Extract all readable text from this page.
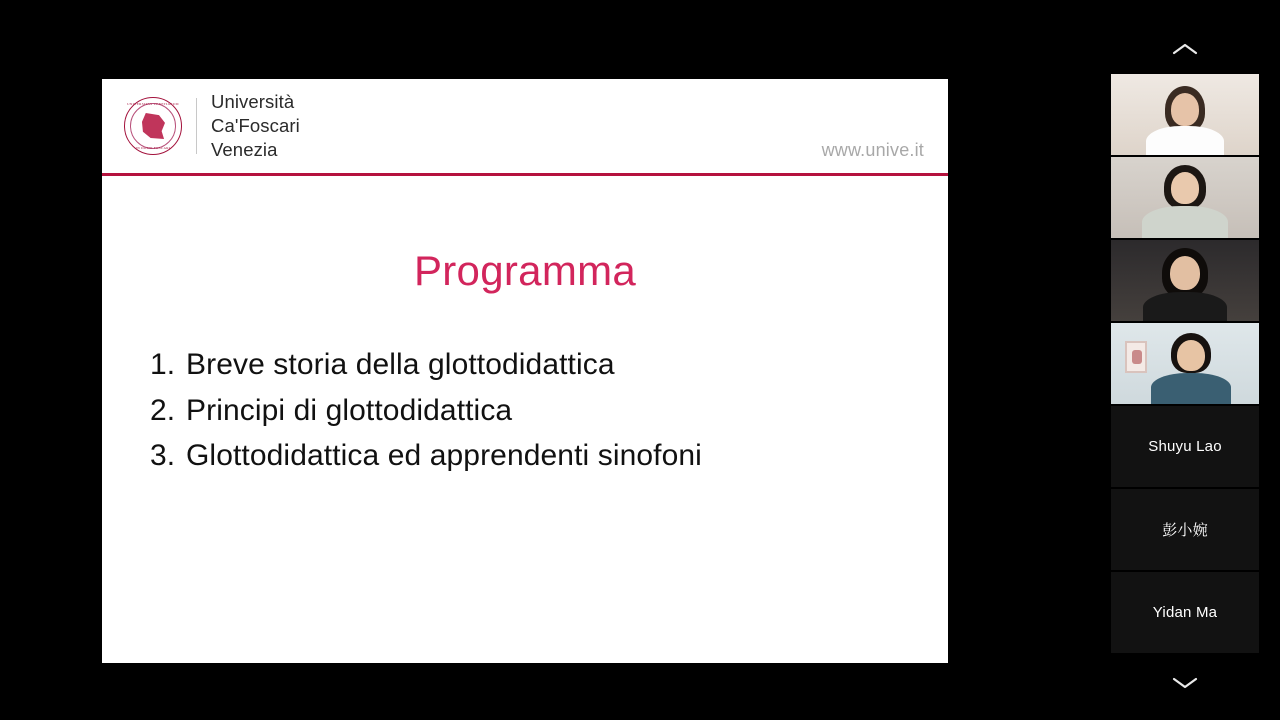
UNIVERSITAS VENETIARUM
IN DOMO FOSCARI
Università
Ca'Foscari
Venezia	www.unive.it
Programma
1. Breve storia della glottodidattica
2. Principi di glottodidattica
3. Glottodidattica ed apprendenti sinofoni	Shuyu Lao
彭小婉
Yidan Ma
